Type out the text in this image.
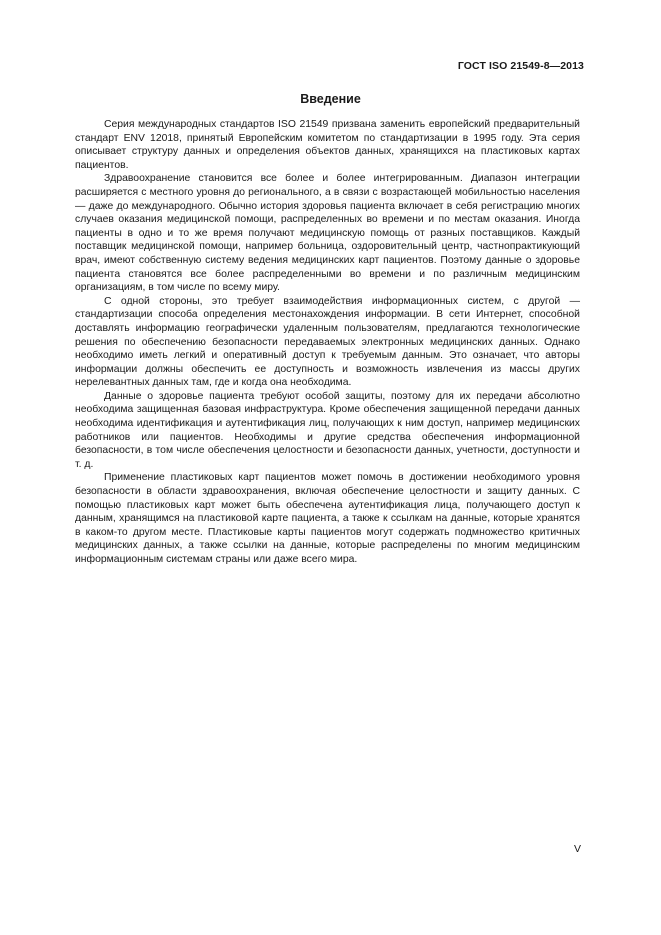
ГОСТ ISO 21549-8—2013
Введение

Серия международных стандартов ISO 21549 призвана заменить европейский предварительный стандарт ENV 12018, принятый Европейским комитетом по стандартизации в 1995 году. Эта серия описывает структуру данных и определения объектов данных, хранящихся на пластиковых картах пациентов.

Здравоохранение становится все более и более интегрированным. Диапазон интеграции расширяется с местного уровня до регионального, а в связи с возрастающей мобильностью населения — даже до международного. Обычно история здоровья пациента включает в себя регистрацию многих случаев оказания медицинской помощи, распределенных во времени и по местам оказания. Иногда пациенты в одно и то же время получают медицинскую помощь от разных поставщиков. Каждый поставщик медицинской помощи, например больница, оздоровительный центр, частнопрактикующий врач, имеют собственную систему ведения медицинских карт пациентов. Поэтому данные о здоровье пациента становятся все более распределенными во времени и по различным медицинским организациям, в том числе по всему миру.

С одной стороны, это требует взаимодействия информационных систем, с другой — стандартизации способа определения местонахождения информации. В сети Интернет, способной доставлять информацию географически удаленным пользователям, предлагаются технологические решения по обеспечению безопасности передаваемых электронных медицинских данных. Однако необходимо иметь легкий и оперативный доступ к требуемым данным. Это означает, что авторы информации должны обеспечить ее доступность и возможность извлечения из массы других нерелевантных данных там, где и когда она необходима.

Данные о здоровье пациента требуют особой защиты, поэтому для их передачи абсолютно необходима защищенная базовая инфраструктура. Кроме обеспечения защищенной передачи данных необходима идентификация и аутентификация лиц, получающих к ним доступ, например медицинских работников или пациентов. Необходимы и другие средства обеспечения информационной безопасности, в том числе обеспечения целостности и безопасности данных, учетности, доступности и т. д.

Применение пластиковых карт пациентов может помочь в достижении необходимого уровня безопасности в области здравоохранения, включая обеспечение целостности и защиту данных. С помощью пластиковых карт может быть обеспечена аутентификация лица, получающего доступ к данным, хранящимся на пластиковой карте пациента, а также к ссылкам на данные, которые хранятся в каком-то другом месте. Пластиковые карты пациентов могут содержать подмножество критичных медицинских данных, а также ссылки на данные, которые распределены по многим медицинским информационным системам страны или даже всего мира.

V
